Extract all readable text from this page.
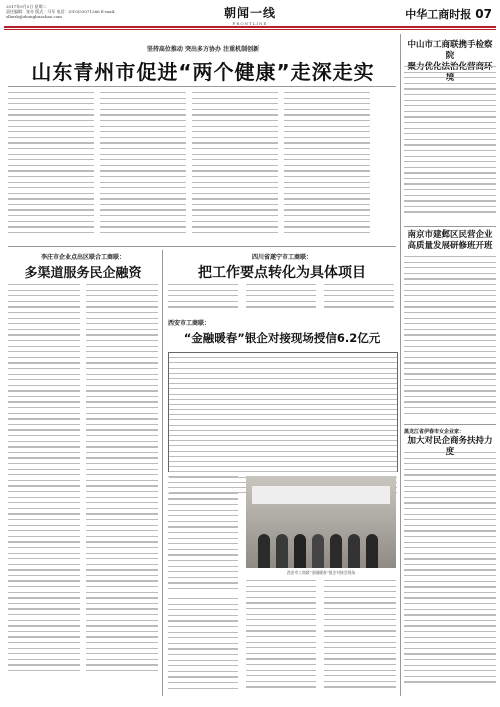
2017年9月5日 星期二
责任编辑：张亦 版式：马军 电话：(010)53071266 E-mail: slhezb@zhonghuachao.com	朝闻一线
FRONTLINE
中华工商时报 07
坚持高位推动 突出多方协办 注重机制创新
山东青州市促进“两个健康”走深走实
李庄市企业点出区联合工商联：
多渠道服务民企融资
四川省遂宁市工商联：
把工作要点转化为具体项目
西安市工商联：
“金融暖春”银企对接现场授信6.2亿元
西安市工商联“金融暖春”银企对接会现场
中山市工商联携手检察院

南京市建邺区民营企业
高质量发展研修班开班
黑龙江省伊春市女企业家：
加大对民企商务扶持力
